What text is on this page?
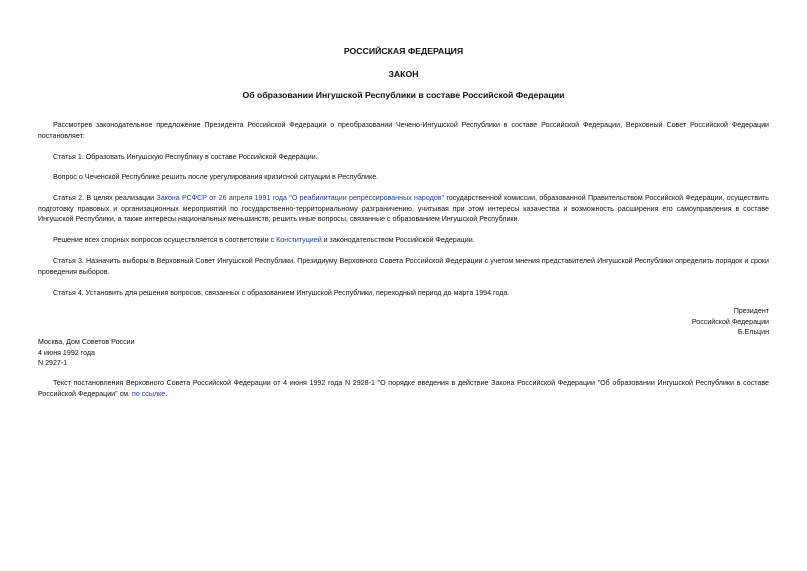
РОССИЙСКАЯ ФЕДЕРАЦИЯ
ЗАКОН
Об образовании Ингушской Республики в составе Российской Федерации

Рассмотрев законодательное предложение Президента Российской Федерации о преобразовании Чечено-Ингушской Республики в составе Российской Федерации, Верховный Совет Российской Федерации постановляет:

Статья 1. Образовать Ингушскую Республику в составе Российской Федерации.

Вопрос о Чеченской Республике решить после урегулирования кризисной ситуации в Республике.

Статья 2. В целях реализации Закона РСФСР от 26 апреля 1991 года "О реабилитации репрессированных народов" государственной комиссии, образованной Правительством Российской Федерации, осуществить подготовку правовых и организационных мероприятий по государственно-территориальному разграничению, учитывая при этом интересы казачества и возможность расширения его самоуправления в составе Ингушской Республики, а также интересы национальных меньшинств; решить иные вопросы, связанные с образованием Ингушской Республики.

Решение всех спорных вопросов осуществляется в соответствии с Конституцией и законодательством Российской Федерации.

Статья 3. Назначить выборы в Верховный Совет Ингушской Республики. Президиуму Верховного Совета Российской Федерации с учетом мнения представителей Ингушской Республики определить порядок и сроки проведения выборов.

Статья 4. Установить для решения вопросов, связанных с образованием Ингушской Республики, переходный период до марта 1994 года.

Президент
Российской Федерации
Б.Ельцин
Москва, Дом Советов России
4 июня 1992 года
N 2927-1

Текст постановления Верховного Совета Российской Федерации от 4 июня 1992 года N 2928-1 "О порядке введения в действие Закона Российской Федерации "Об образовании Ингушской Республики в составе Российской Федерации" см. по ссылке.
